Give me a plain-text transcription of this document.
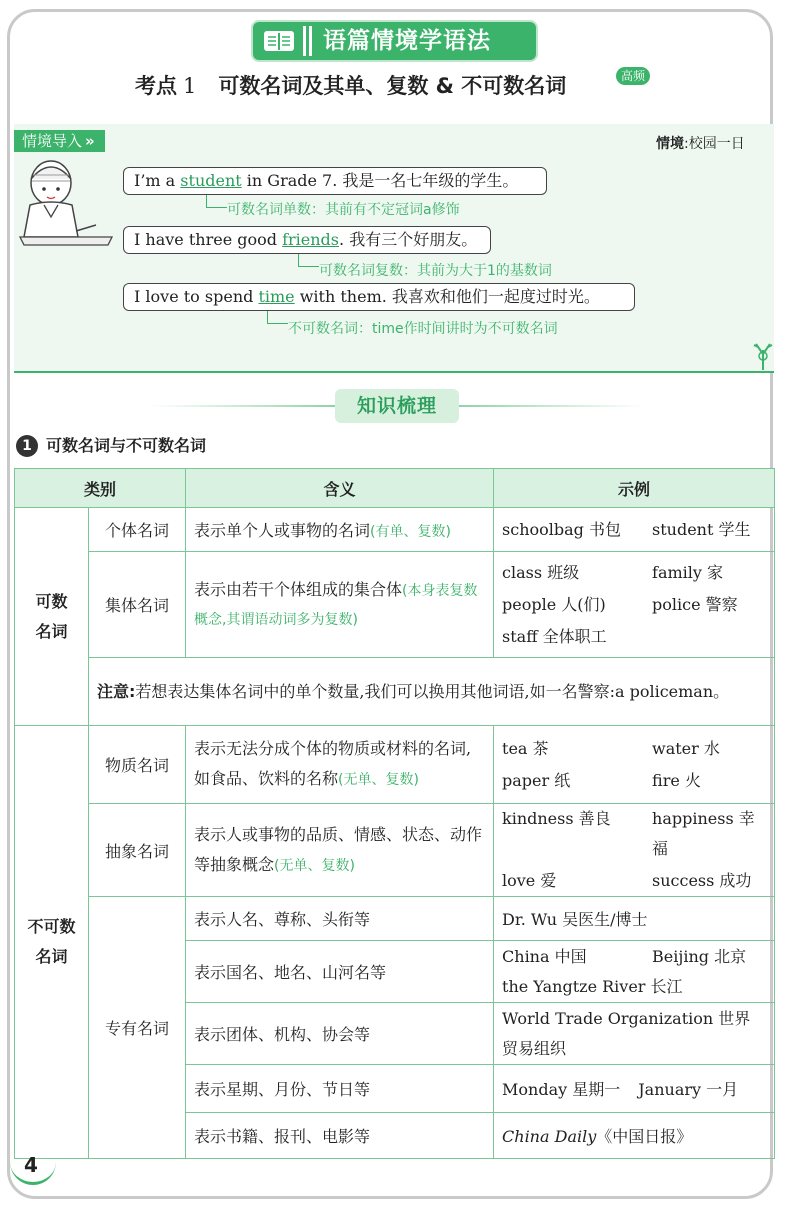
语篇情境学语法
考点 1 可数名词及其单、复数 & 不可数名词	高频
情境导入 »	情境:校园一日
I’m a student in Grade 7. 我是一名七年级的学生。
可数名词单数：其前有不定冠词a修饰
I have three good friends. 我有三个好朋友。
可数名词复数：其前为大于1的基数词
I love to spend time with them. 我喜欢和他们一起度过时光。
不可数名词：time作时间讲时为不可数名词
知识梳理
1 可数名词与不可数名词
类别		含义	示例
可数名词	个体名词	表示单个人或事物的名词(有单、复数)	schoolbag 书包 student 学生

	集体名词	表示由若干个体组成的集合体(本身表复数概念,其谓语动词多为复数)	class 班级 family 家
people 人(们) police 警察
staff 全体职工

	注意:若想表达集体名词中的单个数量,我们可以换用其他词语,如一名警察:a policeman。		
不可数名词	物质名词	表示无法分成个体的物质或材料的名词,如食品、饮料的名称(无单、复数)	tea 茶 water 水
paper 纸 fire 火

	抽象名词	表示人或事物的品质、情感、状态、动作等抽象概念(无单、复数)	kindness 善良 happiness 幸福
love 爱 success 成功

	专有名词	表示人名、尊称、头衔等	Dr. Wu 吴医生/博士
		表示国名、地名、山河名等	China 中国 Beijing 北京
the Yangtze River 长江

		表示团体、机构、协会等	World Trade Organization 世界贸易组织
		表示星期、月份、节日等	Monday 星期一 January 一月
		表示书籍、报刊、电影等	China Daily《中国日报》
4
